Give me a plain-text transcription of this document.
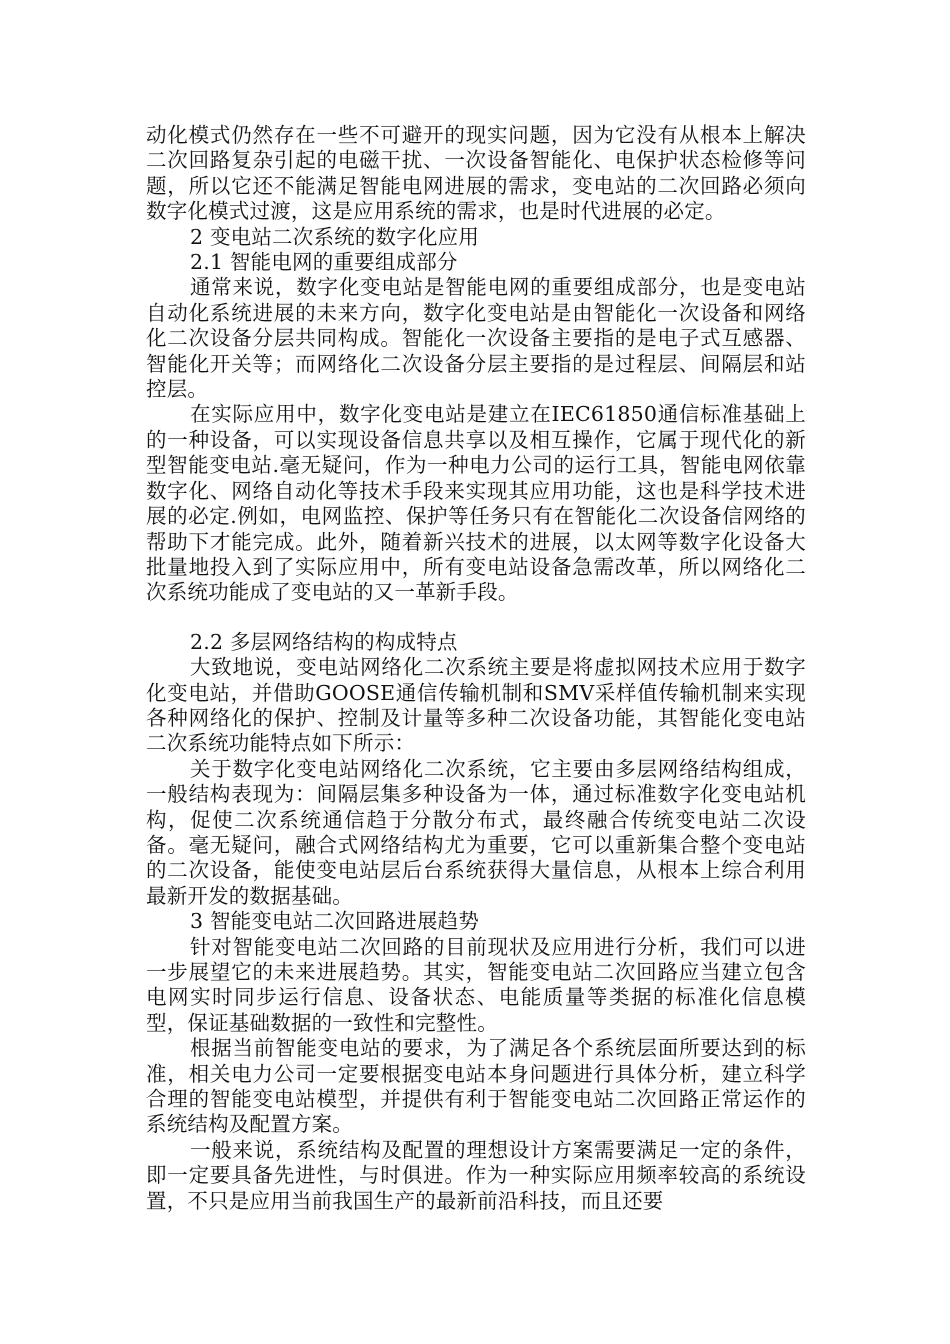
动化模式仍然存在一些不可避开的现实问题，因为它没有从根本上解决二次回路复杂引起的电磁干扰、一次设备智能化、电保护状态检修等问题，所以它还不能满足智能电网进展的需求，变电站的二次回路必须向数字化模式过渡，这是应用系统的需求，也是时代进展的必定。

2 变电站二次系统的数字化应用

2.1 智能电网的重要组成部分

通常来说，数字化变电站是智能电网的重要组成部分，也是变电站自动化系统进展的未来方向，数字化变电站是由智能化一次设备和网络化二次设备分层共同构成。智能化一次设备主要指的是电子式互感器、智能化开关等；而网络化二次设备分层主要指的是过程层、间隔层和站控层。

在实际应用中，数字化变电站是建立在IEC61850通信标准基础上的一种设备，可以实现设备信息共享以及相互操作，它属于现代化的新型智能变电站.毫无疑问，作为一种电力公司的运行工具，智能电网依靠数字化、网络自动化等技术手段来实现其应用功能，这也是科学技术进展的必定.例如，电网监控、保护等任务只有在智能化二次设备信网络的帮助下才能完成。此外，随着新兴技术的进展，以太网等数字化设备大批量地投入到了实际应用中，所有变电站设备急需改革，所以网络化二次系统功能成了变电站的又一革新手段。

2.2 多层网络结构的构成特点

大致地说，变电站网络化二次系统主要是将虚拟网技术应用于数字化变电站，并借助GOOSE通信传输机制和SMV采样值传输机制来实现各种网络化的保护、控制及计量等多种二次设备功能，其智能化变电站二次系统功能特点如下所示：

关于数字化变电站网络化二次系统，它主要由多层网络结构组成，一般结构表现为：间隔层集多种设备为一体，通过标准数字化变电站机构，促使二次系统通信趋于分散分布式，最终融合传统变电站二次设备。毫无疑问，融合式网络结构尤为重要，它可以重新集合整个变电站的二次设备，能使变电站层后台系统获得大量信息，从根本上综合利用最新开发的数据基础。

3 智能变电站二次回路进展趋势

针对智能变电站二次回路的目前现状及应用进行分析，我们可以进一步展望它的未来进展趋势。其实，智能变电站二次回路应当建立包含电网实时同步运行信息、设备状态、电能质量等类据的标准化信息模型，保证基础数据的一致性和完整性。

根据当前智能变电站的要求，为了满足各个系统层面所要达到的标准，相关电力公司一定要根据变电站本身问题进行具体分析，建立科学合理的智能变电站模型，并提供有利于智能变电站二次回路正常运作的系统结构及配置方案。

一般来说，系统结构及配置的理想设计方案需要满足一定的条件，即一定要具备先进性，与时俱进。作为一种实际应用频率较高的系统设置，不只是应用当前我国生产的最新前沿科技，而且还要
